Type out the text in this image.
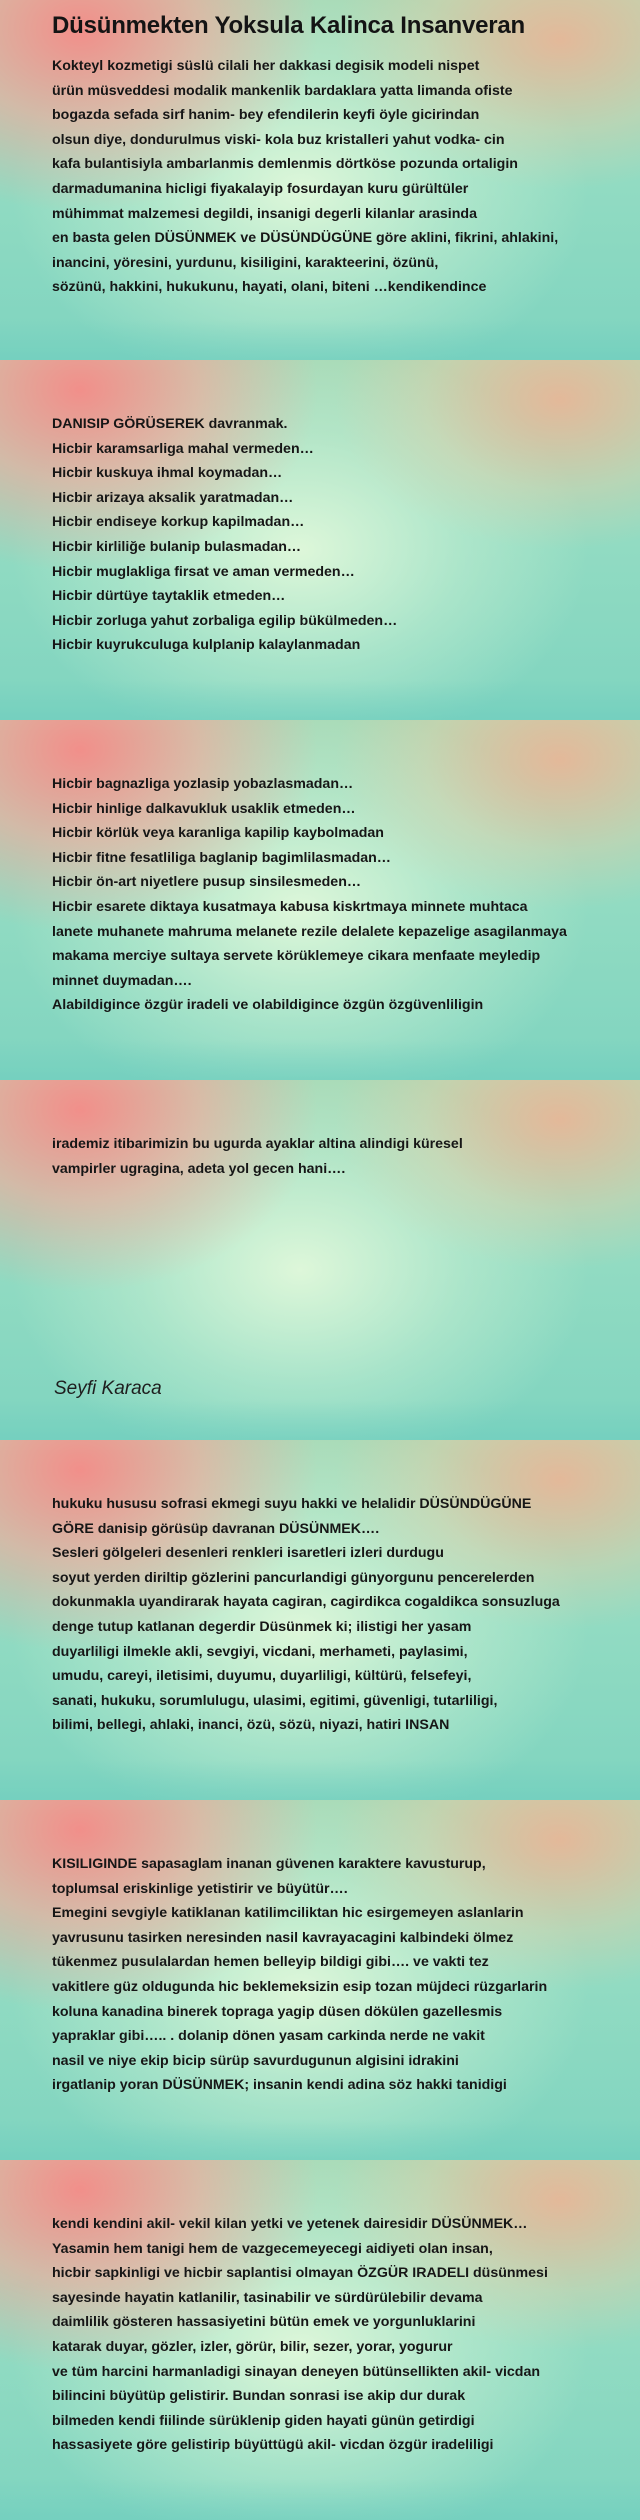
Düsünmekten Yoksula Kalinca Insanveran
Kokteyl kozmetigi süslü cilali her dakkasi degisik modeli nispet
ürün müsveddesi modalik mankenlik bardaklara yatta limanda ofiste
bogazda sefada sirf hanim- bey efendilerin keyfi öyle gicirindan
olsun diye, dondurulmus viski- kola buz kristalleri yahut vodka- cin
kafa bulantisiyla ambarlanmis demlenmis dörtköse pozunda ortaligin
darmadumanina hicligi fiyakalayip fosurdayan kuru gürültüler
mühimmat malzemesi degildi, insanigi degerli kilanlar arasinda
en basta gelen DÜSÜNMEK ve DÜSÜNDÜGÜNE göre aklini, fikrini, ahlakini,
inancini, yöresini, yurdunu, kisiligini, karakteerini, özünü,
sözünü, hakkini, hukukunu, hayati, olani, biteni …kendikendince
DANISIP GÖRÜSEREK davranmak.
Hicbir karamsarliga mahal vermeden…
Hicbir kuskuya ihmal koymadan…
Hicbir arizaya aksalik yaratmadan…
Hicbir endiseye korkup kapilmadan…
Hicbir kirliliğe bulanip bulasmadan…
Hicbir muglakliga firsat ve aman vermeden…
Hicbir dürtüye taytaklik etmeden…
Hicbir zorluga yahut zorbaliga egilip bükülmeden…
Hicbir kuyrukculuga kulplanip kalaylanmadan
Hicbir bagnazliga yozlasip yobazlasmadan…
Hicbir hinlige dalkavukluk usaklik etmeden…
Hicbir körlük veya karanliga kapilip kaybolmadan
Hicbir fitne fesatliliga baglanip bagimlilasmadan…
Hicbir ön-art niyetlere pusup sinsilesmeden…
Hicbir esarete diktaya kusatmaya kabusa kiskrtmaya minnete muhtaca
lanete muhanete mahruma melanete rezile delalete kepazelige asagilanmaya
makama merciye sultaya servete körüklemeye cikara menfaate meyledip
minnet duymadan….
Alabildigince özgür iradeli ve olabildigince özgün özgüvenliligin
irademiz itibarimizin bu ugurda ayaklar altina alindigi küresel
vampirler ugragina, adeta yol gecen hani….
Seyfi Karaca
hukuku hususu sofrasi ekmegi suyu hakki ve helalidir DÜSÜNDÜGÜNE
GÖRE danisip görüsüp davranan DÜSÜNMEK….
Sesleri gölgeleri desenleri renkleri isaretleri izleri durdugu
soyut yerden diriltip gözlerini pancurlandigi günyorgunu pencerelerden
dokunmakla uyandirarak hayata cagiran, cagirdikca cogaldikca sonsuzluga
denge tutup katlanan degerdir Düsünmek ki; ilistigi her yasam
duyarliligi ilmekle akli, sevgiyi, vicdani, merhameti, paylasimi,
umudu, careyi, iletisimi, duyumu, duyarliligi, kültürü, felsefeyi,
sanati, hukuku, sorumlulugu, ulasimi, egitimi, güvenligi, tutarliligi,
bilimi, bellegi, ahlaki, inanci, özü, sözü, niyazi, hatiri INSAN
KISILIGINDE sapasaglam inanan güvenen karaktere kavusturup,
toplumsal eriskinlige yetistirir ve büyütür….
Emegini sevgiyle katiklanan katilimciliktan hic esirgemeyen aslanlarin
yavrusunu tasirken neresinden nasil kavrayacagini kalbindeki ölmez
tükenmez pusulalardan hemen belleyip bildigi gibi…. ve vakti tez
vakitlere güz oldugunda hic beklemeksizin esip tozan müjdeci rüzgarlarin
koluna kanadina binerek topraga yagip düsen dökülen gazellesmis
yapraklar gibi….. . dolanip dönen yasam carkinda nerde ne vakit
nasil ve niye ekip bicip sürüp savurdugunun algisini idrakini
irgatlanip yoran DÜSÜNMEK; insanin kendi adina söz hakki tanidigi
kendi kendini akil- vekil kilan yetki ve yetenek dairesidir DÜSÜNMEK…
Yasamin hem tanigi hem de vazgecemeyecegi aidiyeti olan insan,
hicbir sapkinligi ve hicbir saplantisi olmayan ÖZGÜR IRADELI düsünmesi
sayesinde hayatin katlanilir, tasinabilir ve sürdürülebilir devama
daimlilik gösteren hassasiyetini bütün emek ve yorgunluklarini
katarak duyar, gözler, izler, görür, bilir, sezer, yorar, yogurur
ve tüm harcini harmanladigi sinayan deneyen bütünsellikten akil- vicdan
bilincini büyütüp gelistirir. Bundan sonrasi ise akip dur durak
bilmeden kendi fiilinde sürüklenip giden hayati günün getirdigi
hassasiyete göre gelistirip büyüttügü akil- vicdan özgür iradeliligi
